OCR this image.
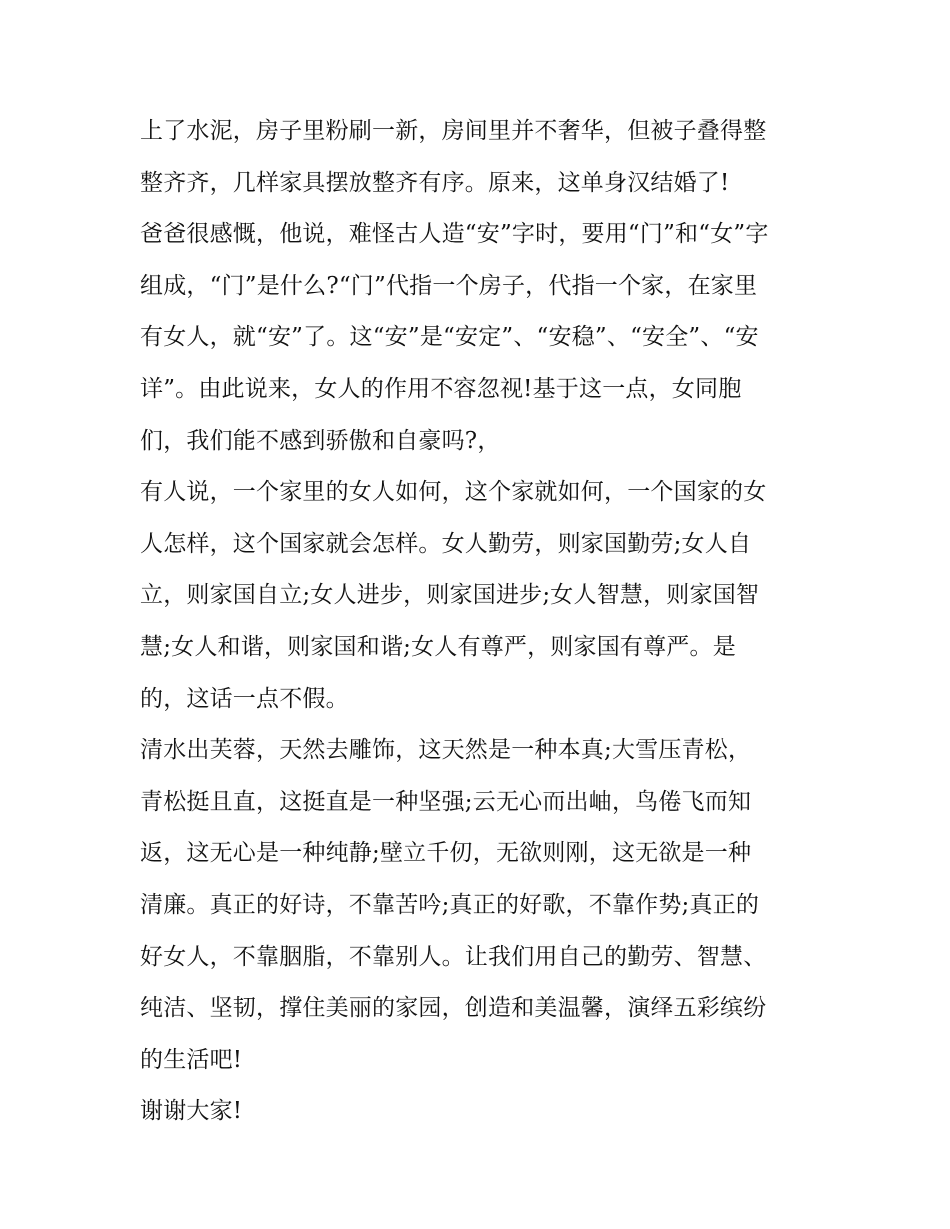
上了水泥，房子里粉刷一新，房间里并不奢华，但被子叠得整
整齐齐，几样家具摆放整齐有序。原来，这单身汉结婚了!
爸爸很感慨，他说，难怪古人造“安”字时，要用“门”和“女”字
组成，“门”是什么?“门”代指一个房子，代指一个家，在家里
有女人，就“安”了。这“安”是“安定”、“安稳”、“安全”、“安
详”。由此说来，女人的作用不容忽视!基于这一点，女同胞
们，我们能不感到骄傲和自豪吗?，
有人说，一个家里的女人如何，这个家就如何，一个国家的女
人怎样，这个国家就会怎样。女人勤劳，则家国勤劳;女人自
立，则家国自立;女人进步，则家国进步;女人智慧，则家国智
慧;女人和谐，则家国和谐;女人有尊严，则家国有尊严。是
的，这话一点不假。
清水出芙蓉，天然去雕饰，这天然是一种本真;大雪压青松，
青松挺且直，这挺直是一种坚强;云无心而出岫，鸟倦飞而知
返，这无心是一种纯静;壁立千仞，无欲则刚，这无欲是一种
清廉。真正的好诗，不靠苦吟;真正的好歌，不靠作势;真正的
好女人，不靠胭脂，不靠别人。让我们用自己的勤劳、智慧、
纯洁、坚韧，撑住美丽的家园，创造和美温馨，演绎五彩缤纷
的生活吧!
谢谢大家!
